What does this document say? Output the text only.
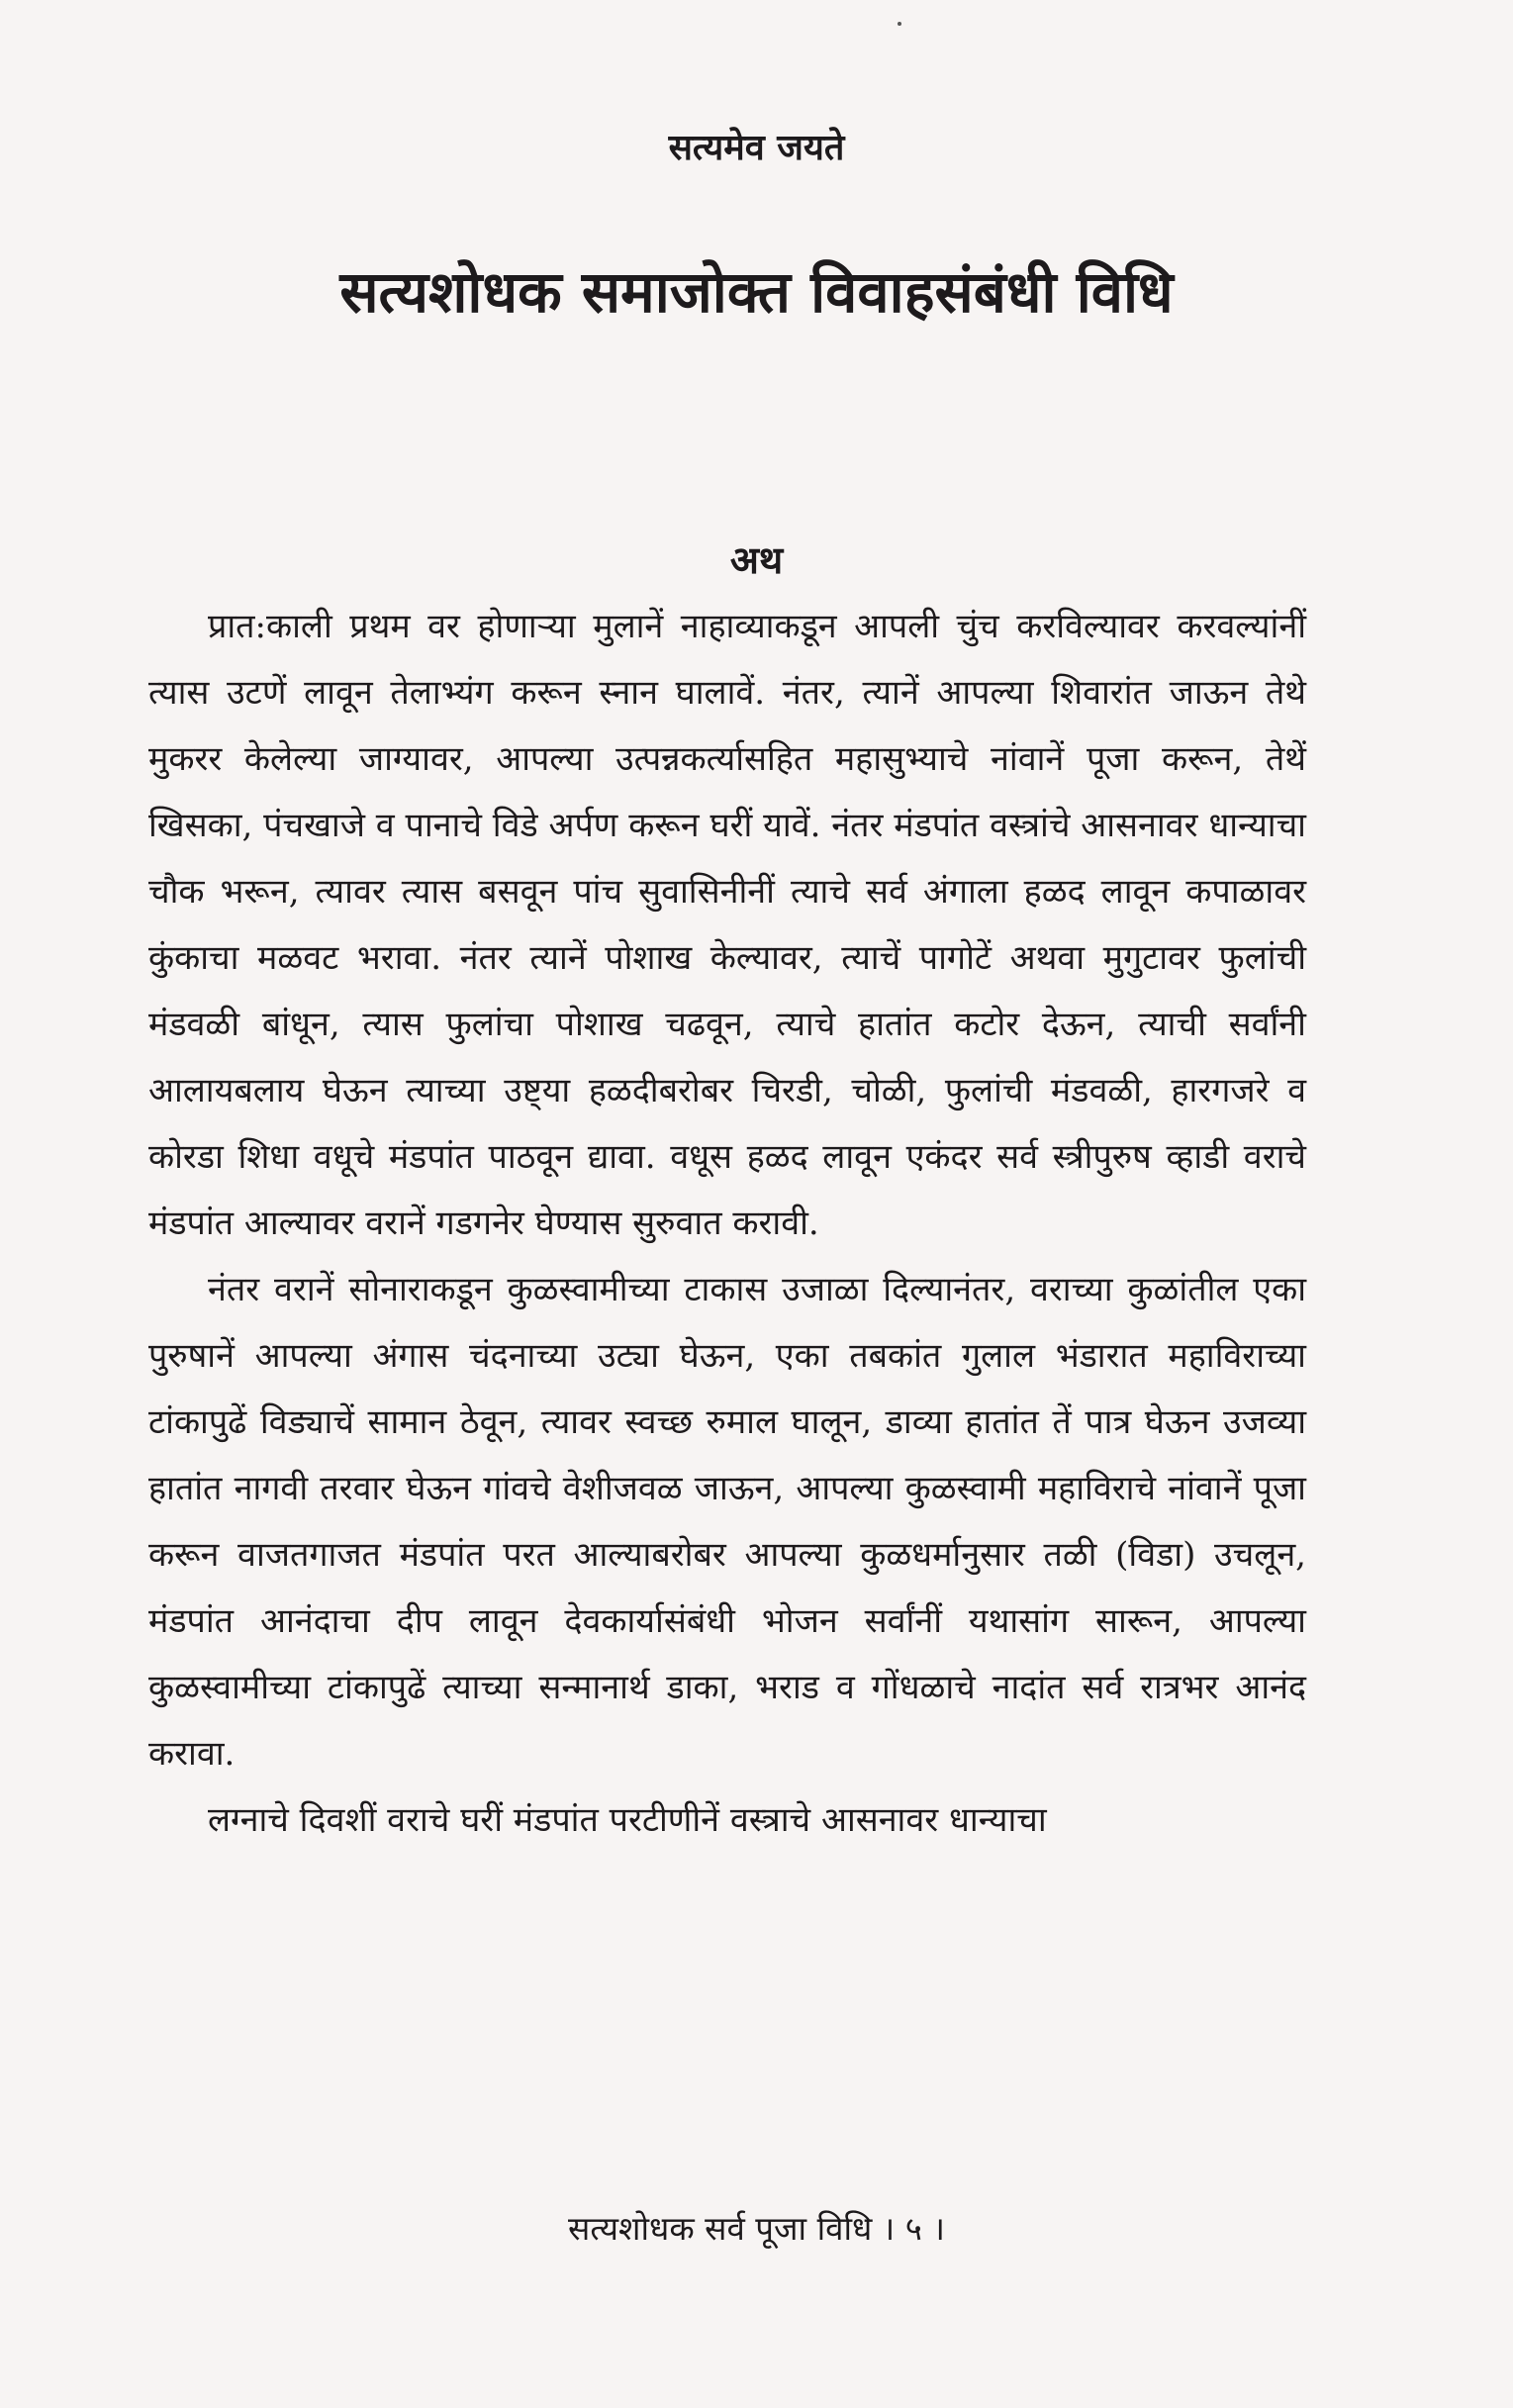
सत्यमेव जयते
सत्यशोधक समाजोक्त विवाहसंबंधी विधि
अथ

प्रात:काली प्रथम वर होणाऱ्या मुलानें नाहाव्याकडून आपली चुंच करविल्यावर करवल्यांनीं त्यास उटणें लावून तेलाभ्यंग करून स्नान घालावें. नंतर, त्यानें आपल्या शिवारांत जाऊन तेथे मुकरर केलेल्या जाग्यावर, आपल्या उत्पन्नकर्त्यासहित महासुभ्याचे नांवानें पूजा करून, तेथें खिसका, पंचखाजे व पानाचे विडे अर्पण करून घरीं यावें. नंतर मंडपांत वस्त्रांचे आसनावर धान्याचा चौक भरून, त्यावर त्यास बसवून पांच सुवासिनीनीं त्याचे सर्व अंगाला हळद लावून कपाळावर कुंकाचा मळवट भरावा. नंतर त्यानें पोशाख केल्यावर, त्याचें पागोटें अथवा मुगुटावर फुलांची मंडवळी बांधून, त्यास फुलांचा पोशाख चढवून, त्याचे हातांत कटोर देऊन, त्याची सर्वांनी आलायबलाय घेऊन त्याच्या उष्ट्या हळदीबरोबर चिरडी, चोळी, फुलांची मंडवळी, हारगजरे व कोरडा शिधा वधूचे मंडपांत पाठवून द्यावा. वधूस हळद लावून एकंदर सर्व स्त्रीपुरुष व्हाडी वराचे मंडपांत आल्यावर वरानें गडगनेर घेण्यास सुरुवात करावी.

नंतर वरानें सोनाराकडून कुळस्वामीच्या टाकास उजाळा दिल्यानंतर, वराच्या कुळांतील एका पुरुषानें आपल्या अंगास चंदनाच्या उट्या घेऊन, एका तबकांत गुलाल भंडारात महाविराच्या टांकापुढें विड्याचें सामान ठेवून, त्यावर स्वच्छ रुमाल घालून, डाव्या हातांत तें पात्र घेऊन उजव्या हातांत नागवी तरवार घेऊन गांवचे वेशीजवळ जाऊन, आपल्या कुळस्वामी महाविराचे नांवानें पूजा करून वाजतगाजत मंडपांत परत आल्याबरोबर आपल्या कुळधर्मानुसार तळी (विडा) उचलून, मंडपांत आनंदाचा दीप लावून देवकार्यासंबंधी भोजन सर्वांनीं यथासांग सारून, आपल्या कुळस्वामीच्या टांकापुढें त्याच्या सन्मानार्थ डाका, भराड व गोंधळाचे नादांत सर्व रात्रभर आनंद करावा.

लग्नाचे दिवशीं वराचे घरीं मंडपांत परटीणीनें वस्त्राचे आसनावर धान्याचा

सत्यशोधक सर्व पूजा विधि । ५ ।
